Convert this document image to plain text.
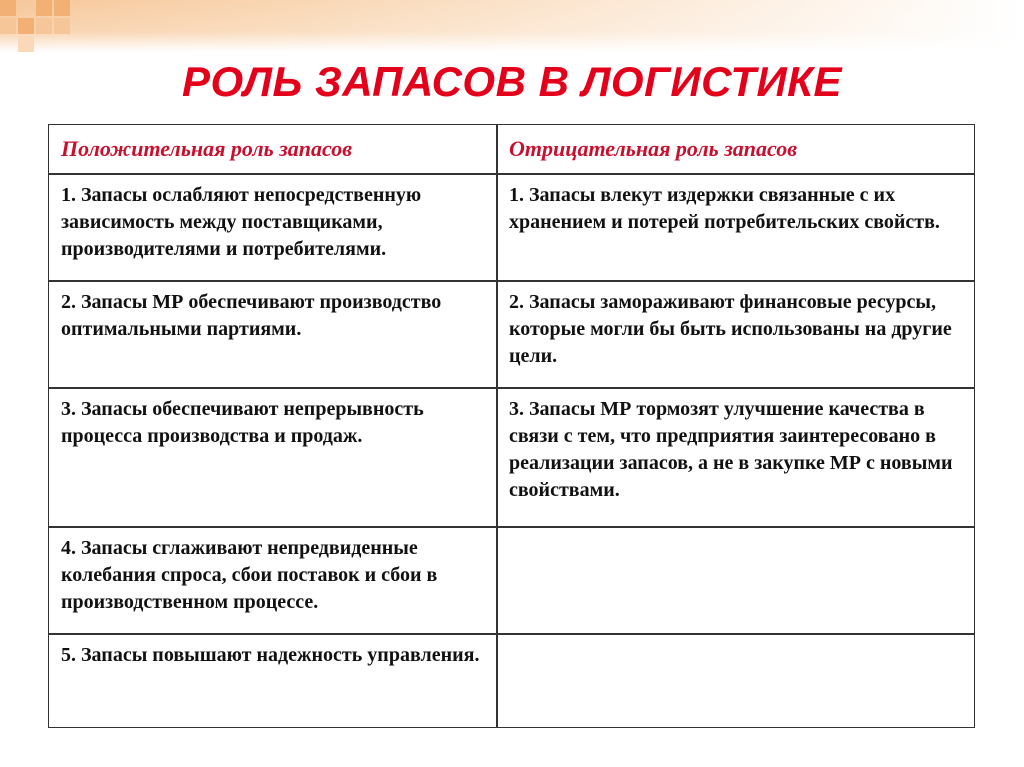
РОЛЬ ЗАПАСОВ В ЛОГИСТИКЕ
Положительная роль запасов	Отрицательная роль запасов
1. Запасы ослабляют непосредственную зависимость между поставщиками, производителями и потребителями.
1. Запасы влекут издержки связанные с их хранением и потерей потребительских свойств.
2. Запасы МР обеспечивают производство оптимальными партиями.
2. Запасы замораживают финансовые ресурсы, которые могли бы быть использованы на другие цели.
3. Запасы обеспечивают непрерывность процесса производства и продаж.
3. Запасы МР тормозят улучшение качества в связи с тем, что предприятия заинтересовано в реализации запасов, а не в закупке МР с новыми свойствами.
4. Запасы сглаживают непредвиденные колебания спроса, сбои поставок и сбои в производственном процессе.
5. Запасы повышают надежность управления.
